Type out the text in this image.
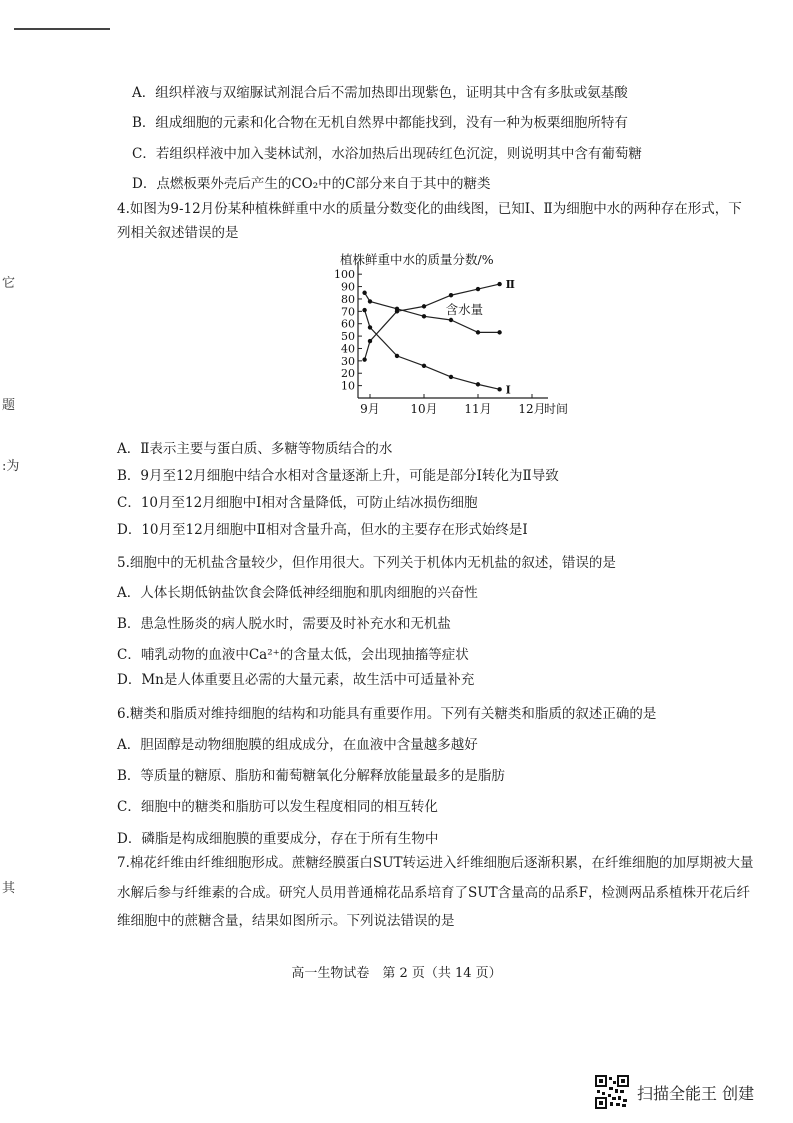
A．组织样液与双缩脲试剂混合后不需加热即出现紫色，证明其中含有多肽或氨基酸
B．组成细胞的元素和化合物在无机自然界中都能找到，没有一种为板栗细胞所特有
C．若组织样液中加入斐林试剂，水浴加热后出现砖红色沉淀，则说明其中含有葡萄糖
D．点燃板栗外壳后产生的CO₂中的C部分来自于其中的糖类
4.如图为9-12月份某种植株鲜重中水的质量分数变化的曲线图，已知Ⅰ、Ⅱ为细胞中水的两种存在形式，下
列相关叙述错误的是
A．Ⅱ表示主要与蛋白质、多糖等物质结合的水
B．9月至12月细胞中结合水相对含量逐渐上升，可能是部分Ⅰ转化为Ⅱ导致
C．10月至12月细胞中Ⅰ相对含量降低，可防止结冰损伤细胞
D．10月至12月细胞中Ⅱ相对含量升高，但水的主要存在形式始终是Ⅰ
5.细胞中的无机盐含量较少，但作用很大。下列关于机体内无机盐的叙述，错误的是
A．人体长期低钠盐饮食会降低神经细胞和肌肉细胞的兴奋性
B．患急性肠炎的病人脱水时，需要及时补充水和无机盐
C．哺乳动物的血液中Ca²⁺的含量太低，会出现抽搐等症状
D．Mn是人体重要且必需的大量元素，故生活中可适量补充
6.糖类和脂质对维持细胞的结构和功能具有重要作用。下列有关糖类和脂质的叙述正确的是
A．胆固醇是动物细胞膜的组成成分，在血液中含量越多越好
B．等质量的糖原、脂肪和葡萄糖氧化分解释放能量最多的是脂肪
C．细胞中的糖类和脂肪可以发生程度相同的相互转化
D．磷脂是构成细胞膜的重要成分，存在于所有生物中
7.棉花纤维由纤维细胞形成。蔗糖经膜蛋白SUT转运进入纤维细胞后逐渐积累，在纤维细胞的加厚期被大量
水解后参与纤维素的合成。研究人员用普通棉花品系培育了SUT含量高的品系F，检测两品系植株开花后纤
维细胞中的蔗糖含量，结果如图所示。下列说法错误的是
它
题
:为
其
10
20
30
40
50
60
70
80
90
100
9月	10月 11月 12月
时间
植株鲜重中水的质量分数/%
Ⅱ
含水量
Ⅰ
高一生物试卷　第 2 页（共 14 页）
扫描全能王 创建
